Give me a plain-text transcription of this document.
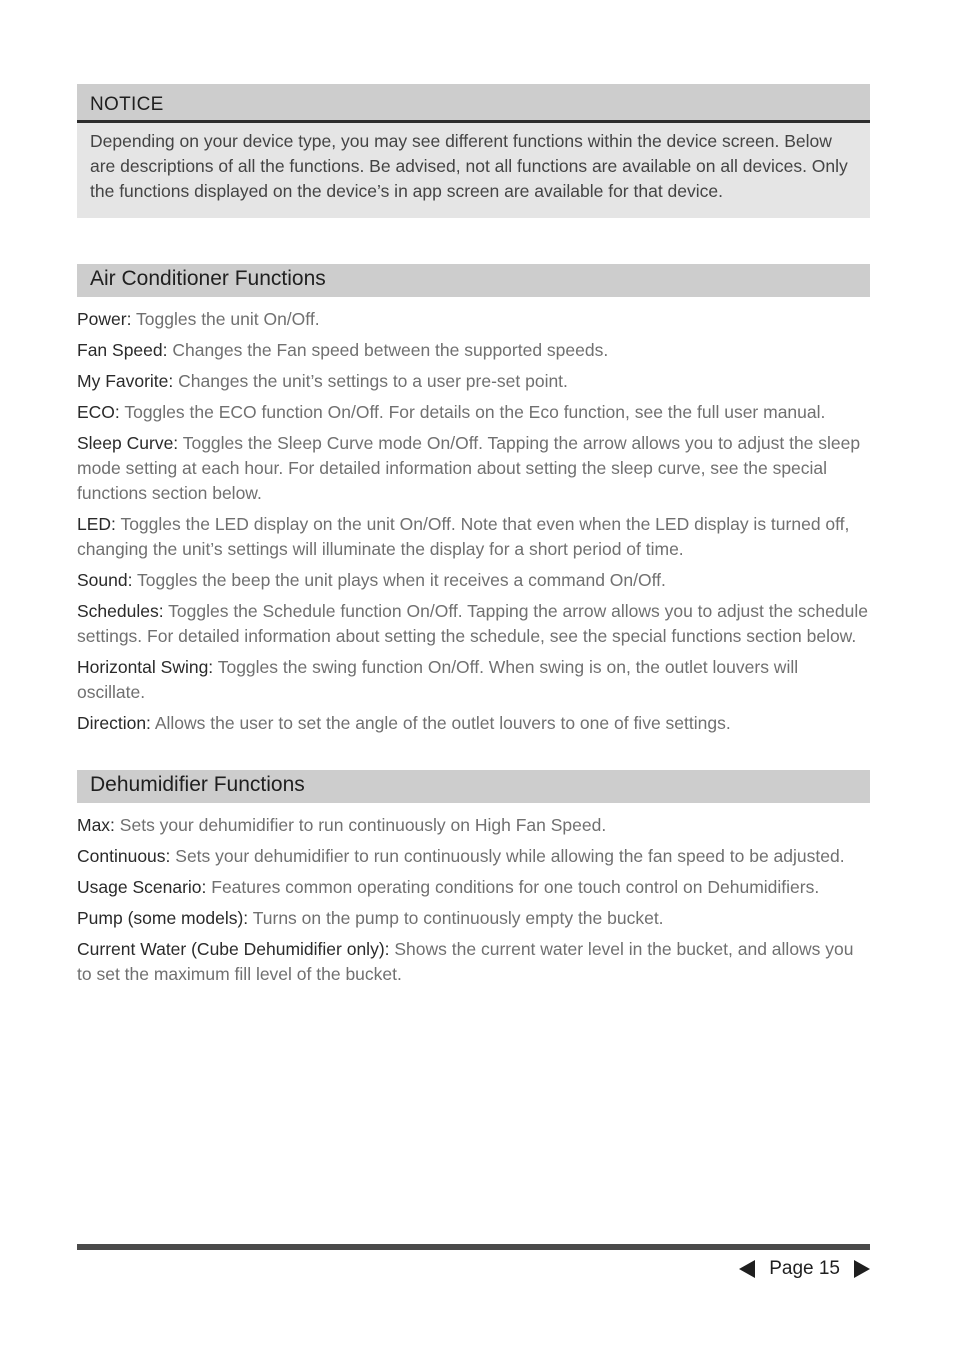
NOTICE
Depending on your device type, you may see different functions within the device screen. Below are descriptions of all the functions. Be advised, not all functions are available on all devices. Only the functions displayed on the device’s in app screen are available for that device.
Air Conditioner Functions
Power: Toggles the unit On/Off.
Fan Speed: Changes the Fan speed between the supported speeds.
My Favorite: Changes the unit’s settings to a user pre-set point.
ECO: Toggles the ECO function On/Off. For details on the Eco function, see the full user manual.
Sleep Curve: Toggles the Sleep Curve mode On/Off. Tapping the arrow allows you to adjust the sleep mode setting at each hour. For detailed information about setting the sleep curve, see the special functions section below.
LED: Toggles the LED display on the unit On/Off. Note that even when the LED display is turned off, changing the unit’s settings will illuminate the display for a short period of time.
Sound: Toggles the beep the unit plays when it receives a command On/Off.
Schedules: Toggles the Schedule function On/Off. Tapping the arrow allows you to adjust the schedule settings. For detailed information about setting the schedule, see the special functions section below.
Horizontal Swing: Toggles the swing function On/Off. When swing is on, the outlet louvers will oscillate.
Direction: Allows the user to set the angle of the outlet louvers to one of five settings.
Dehumidifier Functions
Max: Sets your dehumidifier to run continuously on High Fan Speed.
Continuous: Sets your dehumidifier to run continuously while allowing the fan speed to be adjusted.
Usage Scenario: Features common operating conditions for one touch control on Dehumidifiers.
Pump (some models): Turns on the pump to continuously empty the bucket.
Current Water (Cube Dehumidifier only): Shows the current water level in the bucket, and allows you to set the maximum fill level of the bucket.
Page 15
